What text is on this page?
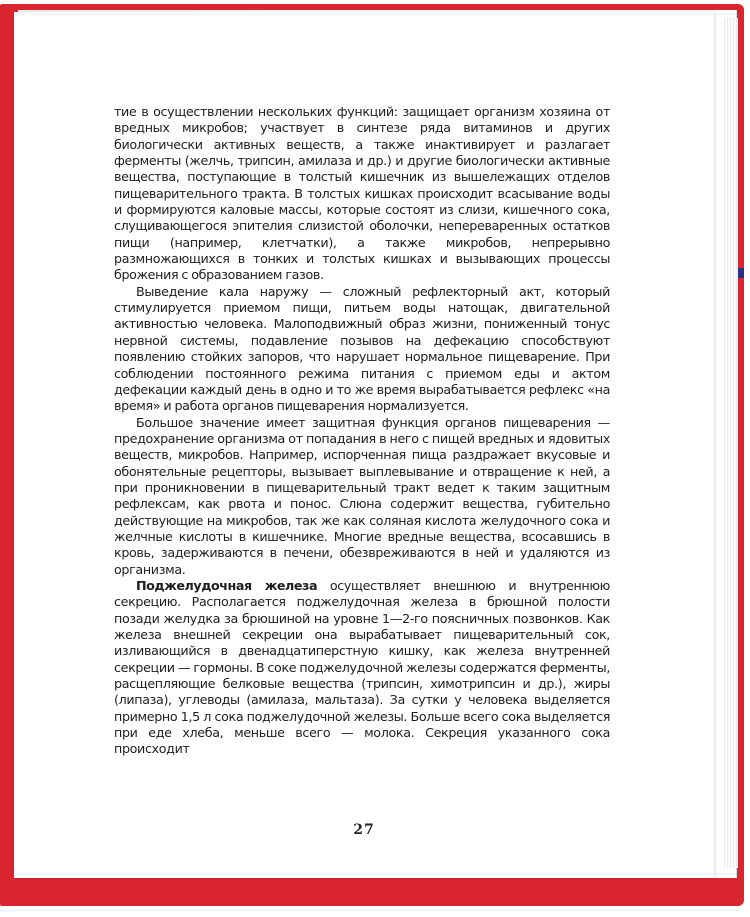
тие в осуществлении нескольких функций: защищает организм хозяина от вредных микробов; участвует в синтезе ряда витаминов и других биологически активных веществ, а также инактивирует и разлагает ферменты (желчь, трипсин, амилаза и др.) и другие биологически активные вещества, поступающие в толстый кишечник из вышележащих отделов пищеварительного тракта. В толстых кишках происходит всасывание воды и формируются каловые массы, которые состоят из слизи, кишечного сока, слущивающегося эпителия слизистой оболочки, непереваренных остатков пищи (например, клетчатки), а также микробов, непрерывно размножающихся в тонких и толстых кишках и вызывающих процессы брожения с образованием газов.

Выведение кала наружу — сложный рефлекторный акт, который стимулируется приемом пищи, питьем воды натощак, двигательной активностью человека. Малоподвижный образ жизни, пониженный тонус нервной системы, подавление позывов на дефекацию способствуют появлению стойких запоров, что нарушает нормальное пищеварение. При соблюдении постоянного режима питания с приемом еды и актом дефекации каждый день в одно и то же время вырабатывается рефлекс «на время» и работа органов пищеварения нормализуется.

Большое значение имеет защитная функция органов пищеварения — предохранение организма от попадания в него с пищей вредных и ядовитых веществ, микробов. Например, испорченная пища раздражает вкусовые и обонятельные рецепторы, вызывает выплевывание и отвращение к ней, а при проникновении в пищеварительный тракт ведет к таким защитным рефлексам, как рвота и понос. Слюна содержит вещества, губительно действующие на микробов, так же как соляная кислота желудочного сока и желчные кислоты в кишечнике. Многие вредные вещества, всосавшись в кровь, задерживаются в печени, обезвреживаются в ней и удаляются из организма.

Поджелудочная железа осуществляет внешнюю и внутреннюю секрецию. Располагается поджелудочная железа в брюшной полости позади желудка за брюшиной на уровне 1—2-го поясничных позвонков. Как железа внешней секреции она вырабатывает пищеварительный сок, изливающийся в двенадцатиперстную кишку, как железа внутренней секреции — гормоны. В соке поджелудочной железы содержатся ферменты, расщепляющие белковые вещества (трипсин, химотрипсин и др.), жиры (липаза), углеводы (амилаза, мальтаза). За сутки у человека выделяется примерно 1,5 л сока поджелудочной железы. Больше всего сока выделяется при еде хлеба, меньше всего — молока. Секреция указанного сока происходит

27
